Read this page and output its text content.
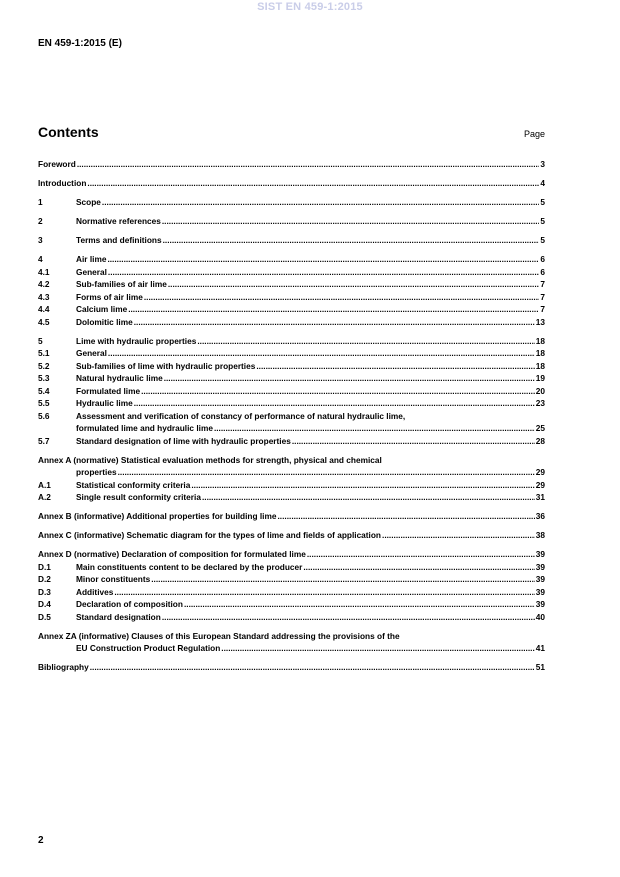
SIST EN 459-1:2015
EN 459-1:2015 (E)
Contents	Page
Foreword .....	3
Introduction .....	4
1	Scope .....	5
2	Normative references .....	5
3	Terms and definitions .....	5
4	Air lime .....	6
4.1	General .....	6
4.2	Sub-families of air lime .....	7
4.3	Forms of air lime .....	7
4.4	Calcium lime .....	7
4.5	Dolomitic lime .....	13
5	Lime with hydraulic properties .....	18
5.1	General .....	18
5.2	Sub-families of lime with hydraulic properties .....	18
5.3	Natural hydraulic lime .....	19
5.4	Formulated lime .....	20
5.5	Hydraulic lime .....	23
5.6	Assessment and verification of constancy of performance of natural hydraulic lime,
formulated lime and hydraulic lime .....	25
5.7	Standard designation of lime with hydraulic properties .....	28
Annex A (normative) Statistical evaluation methods for strength, physical and chemical
properties .....	29
A.1	Statistical conformity criteria .....	29
A.2	Single result conformity criteria .....	31
Annex B (informative) Additional properties for building lime .....	36
Annex C (informative) Schematic diagram for the types of lime and fields of application .....	38
Annex D (normative) Declaration of composition for formulated lime .....	39
D.1	Main constituents content to be declared by the producer .....	39
D.2	Minor constituents .....	39
D.3	Additives .....	39
D.4	Declaration of composition .....	39
D.5	Standard designation .....	40
Annex ZA (informative) Clauses of this European Standard addressing the provisions of the
EU Construction Product Regulation .....	41
Bibliography .....	51
2
